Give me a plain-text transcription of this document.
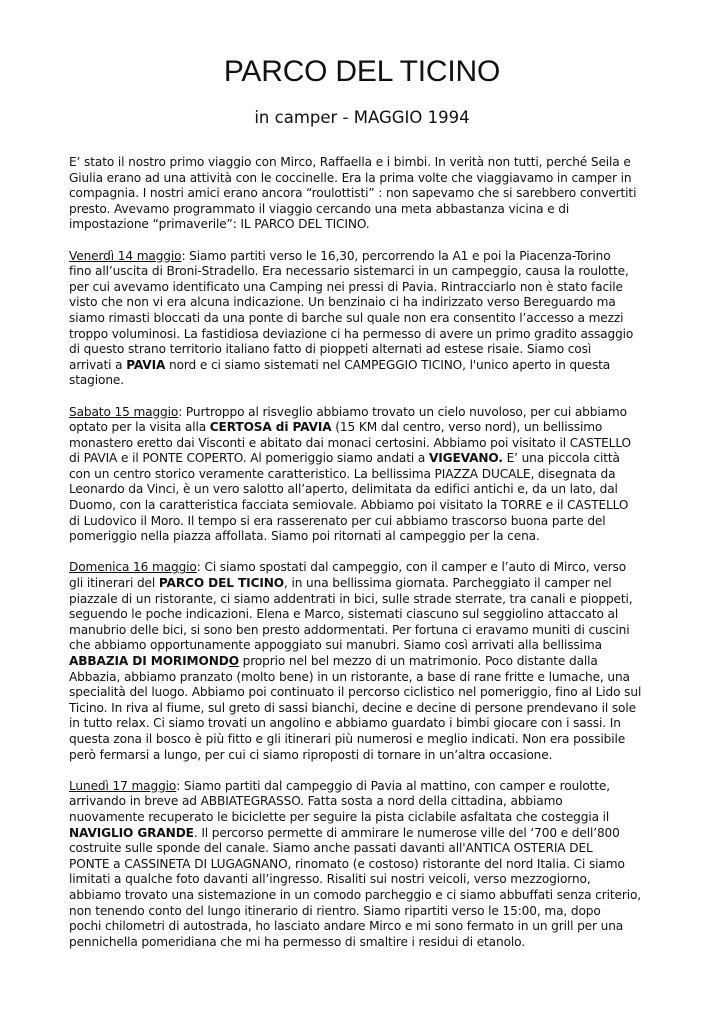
PARCO DEL TICINO
in camper - MAGGIO 1994
E’ stato il nostro primo viaggio con Mirco, Raffaella e i bimbi. In verità non tutti, perché Seila e
Giulia erano ad una attività con le coccinelle. Era la prima volte che viaggiavamo in camper in
compagnia. I nostri amici erano ancora “roulottisti” : non sapevamo che si sarebbero convertiti
presto. Avevamo programmato il viaggio cercando una meta abbastanza vicina e di
impostazione “primaverile”: IL PARCO DEL TICINO.
Venerdì 14 maggio: Siamo partiti verso le 16,30, percorrendo la A1 e poi la Piacenza-Torino
fino all’uscita di Broni-Stradello. Era necessario sistemarci in un campeggio, causa la roulotte,
per cui avevamo identificato una Camping nei pressi di Pavia. Rintracciarlo non è stato facile
visto che non vi era alcuna indicazione. Un benzinaio ci ha indirizzato verso Bereguardo ma
siamo rimasti bloccati da una ponte di barche sul quale non era consentito l’accesso a mezzi
troppo voluminosi. La fastidiosa deviazione ci ha permesso di avere un primo gradito assaggio
di questo strano territorio italiano fatto di pioppeti alternati ad estese risaie. Siamo così
arrivati a PAVIA nord e ci siamo sistemati nel CAMPEGGIO TICINO, l'unico aperto in questa
stagione.
Sabato 15 maggio: Purtroppo al risveglio abbiamo trovato un cielo nuvoloso, per cui abbiamo
optato per la visita alla CERTOSA di PAVIA (15 KM dal centro, verso nord), un bellissimo
monastero eretto dai Visconti e abitato dai monaci certosini. Abbiamo poi visitato il CASTELLO
di PAVIA e il PONTE COPERTO. Al pomeriggio siamo andati a VIGEVANO. E’ una piccola città
con un centro storico veramente caratteristico. La bellissima PIAZZA DUCALE, disegnata da
Leonardo da Vinci, è un vero salotto all’aperto, delimitata da edifici antichi e, da un lato, dal
Duomo, con la caratteristica facciata semiovale. Abbiamo poi visitato la TORRE e il CASTELLO
di Ludovico il Moro. Il tempo si era rasserenato per cui abbiamo trascorso buona parte del
pomeriggio nella piazza affollata. Siamo poi ritornati al campeggio per la cena.
Domenica 16 maggio: Ci siamo spostati dal campeggio, con il camper e l’auto di Mirco, verso
gli itinerari del PARCO DEL TICINO, in una bellissima giornata. Parcheggiato il camper nel
piazzale di un ristorante, ci siamo addentrati in bici, sulle strade sterrate, tra canali e pioppeti,
seguendo le poche indicazioni. Elena e Marco, sistemati ciascuno sul seggiolino attaccato al
manubrio delle bici, si sono ben presto addormentati. Per fortuna ci eravamo muniti di cuscini
che abbiamo opportunamente appoggiato sui manubri. Siamo così arrivati alla bellissima
ABBAZIA DI MORIMONDO proprio nel bel mezzo di un matrimonio. Poco distante dalla
Abbazia, abbiamo pranzato (molto bene) in un ristorante, a base di rane fritte e lumache, una
specialità del luogo. Abbiamo poi continuato il percorso ciclistico nel pomeriggio, fino al Lido sul
Ticino. In riva al fiume, sul greto di sassi bianchi, decine e decine di persone prendevano il sole
in tutto relax. Ci siamo trovati un angolino e abbiamo guardato i bimbi giocare con i sassi. In
questa zona il bosco è più fitto e gli itinerari più numerosi e meglio indicati. Non era possibile
però fermarsi a lungo, per cui ci siamo riproposti di tornare in un’altra occasione.
Lunedì 17 maggio: Siamo partiti dal campeggio di Pavia al mattino, con camper e roulotte,
arrivando in breve ad ABBIATEGRASSO. Fatta sosta a nord della cittadina, abbiamo
nuovamente recuperato le biciclette per seguire la pista ciclabile asfaltata che costeggia il
NAVIGLIO GRANDE. Il percorso permette di ammirare le numerose ville del ‘700 e dell’800
costruite sulle sponde del canale. Siamo anche passati davanti all'ANTICA OSTERIA DEL
PONTE a CASSINETA DI LUGAGNANO, rinomato (e costoso) ristorante del nord Italia. Ci siamo
limitati a qualche foto davanti all’ingresso. Risaliti sui nostri veicoli, verso mezzogiorno,
abbiamo trovato una sistemazione in un comodo parcheggio e ci siamo abbuffati senza criterio,
non tenendo conto del lungo itinerario di rientro. Siamo ripartiti verso le 15:00, ma, dopo
pochi chilometri di autostrada, ho lasciato andare Mirco e mi sono fermato in un grill per una
pennichella pomeridiana che mi ha permesso di smaltire i residui di etanolo.
